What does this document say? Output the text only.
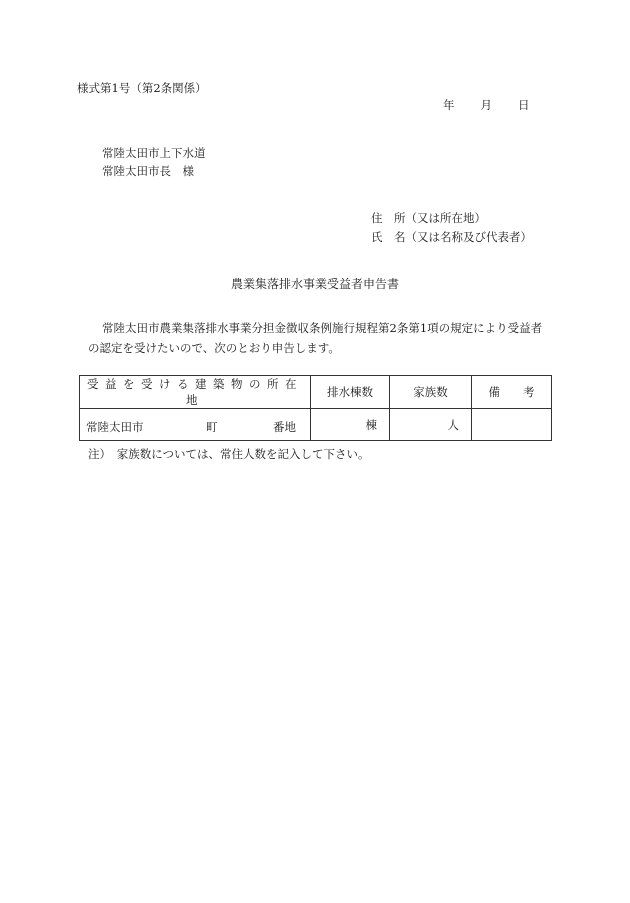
様式第1号（第2条関係）
年 月 日
常陸太田市上下水道
常陸太田市長　様
住　所（又は所在地）
氏　名（又は名称及び代表者）
農業集落排水事業受益者申告書
常陸太田市農業集落排水事業分担金徴収条例施行規程第2条第1項の規定により受益者
の認定を受けたいので、次のとおり申告します。
受益を受ける建築物の所在地	排水棟数	家族数	備　　考

常陸太田市 町 番地	棟	人	
注）　家族数については、常住人数を記入して下さい。
